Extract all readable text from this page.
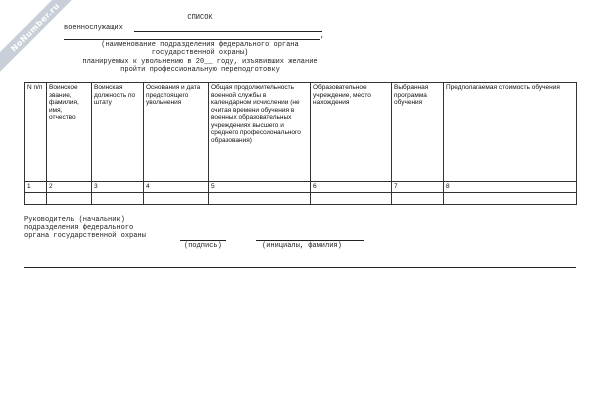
NoNumber.ru	СПИСОК
военнослужащих
,
(наименование подразделения федерального органа
государственной охраны)
планируемых к увольнению в 20__ году, изъявивших желание
пройти профессиональную переподготовку
N п/п	Воинское звание, фамилия, имя, отчество	Воинская должность по штату	Основания и дата предстоящего увольнения	Общая продолжительность военной службы в календарном исчислении (не считая времени обучения в военных образовательных учреждениях высшего и среднего профессионального образования)	Образовательное учреждение, место нахождения	Выбранная программа обучения	Предполагаемая стоимость обучения
1	2	3	4	5	6	7	8

Руководитель (начальник)
подразделения федерального
органа государственной охраны
(подпись)	(инициалы, фамилия)
